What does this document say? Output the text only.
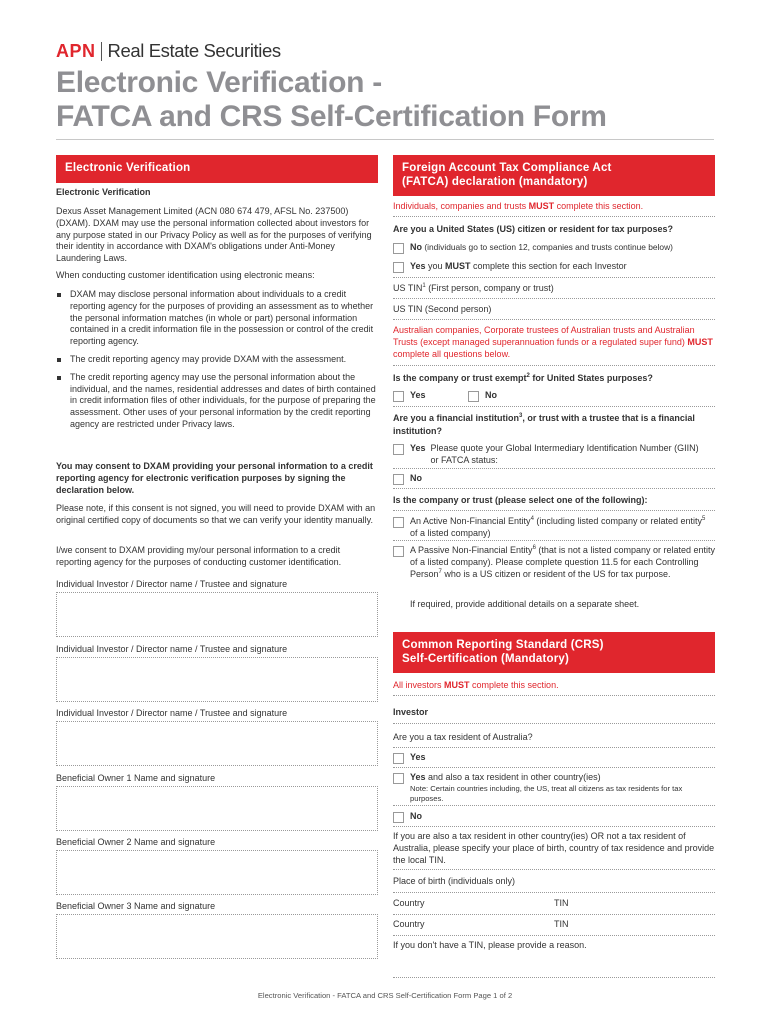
APN Real Estate Securities
Electronic Verification -
FATCA and CRS Self-Certification Form
Electronic Verification
Electronic Verification
Dexus Asset Management Limited (ACN 080 674 479, AFSL No. 237500) (DXAM). DXAM may use the personal information collected about investors for any purpose stated in our Privacy Policy as well as for the purposes of verifying their identity in accordance with DXAM's obligations under Anti-Money Laundering Laws.
When conducting customer identification using electronic means:
DXAM may disclose personal information about individuals to a credit reporting agency for the purposes of providing an assessment as to whether the personal information matches (in whole or part) personal information contained in a credit information file in the possession or control of the credit reporting agency.
The credit reporting agency may provide DXAM with the assessment.
The credit reporting agency may use the personal information about the individual, and the names, residential addresses and dates of birth contained in credit information files of other individuals, for the purpose of preparing the assessment. Other uses of your personal information by the credit reporting agency are restricted under Privacy laws.
You may consent to DXAM providing your personal information to a credit reporting agency for electronic verification purposes by signing the declaration below.
Please note, if this consent is not signed, you will need to provide DXAM with an original certified copy of documents so that we can verify your identity manually.
I/we consent to DXAM providing my/our personal information to a credit reporting agency for the purposes of conducting customer identification.
Individual Investor / Director name / Trustee and signature
Individual Investor / Director name / Trustee and signature
Individual Investor / Director name / Trustee and signature
Beneficial Owner 1 Name and signature
Beneficial Owner 2 Name and signature
Beneficial Owner 3 Name and signature
Foreign Account Tax Compliance Act
(FATCA) declaration (mandatory)
Individuals, companies and trusts MUST complete this section.
Are you a United States (US) citizen or resident for tax purposes?
No (individuals go to section 12, companies and trusts continue below)
Yes you MUST complete this section for each Investor
US TIN$^1$ (First person, company or trust)
US TIN (Second person)
Australian companies, Corporate trustees of Australian trusts and Australian Trusts (except managed superannuation funds or a regulated super fund) MUST complete all questions below.
Is the company or trust exempt$^2$ for United States purposes?
Yes	No
Are you a financial institution$^3$, or trust with a trustee that is a financial institution?
Yes Please quote your Global Intermediary Identification Number (GIIN) or FATCA status:
No
Is the company or trust (please select one of the following):
An Active Non-Financial Entity$^4$ (including listed company or related entity$^5$ of a listed company)
A Passive Non-Financial Entity$^6$ (that is not a listed company or related entity of a listed company). Please complete question 11.5 for each Controlling Person$^7$ who is a US citizen or resident of the US for tax purpose.
If required, provide additional details on a separate sheet.
Common Reporting Standard (CRS)
Self-Certification (Mandatory)
All investors MUST complete this section.
Investor
Are you a tax resident of Australia?
Yes
Yes and also a tax resident in other country(ies)
Note: Certain countries including, the US, treat all citizens as tax residents for tax purposes.
No
If you are also a tax resident in other country(ies) OR not a tax resident of Australia, please specify your place of birth, country of tax residence and provide the local TIN.
Place of birth (individuals only)
Country	TIN
Country	TIN
If you don't have a TIN, please provide a reason.
Electronic Verification - FATCA and CRS Self-Certification Form Page 1 of 2
